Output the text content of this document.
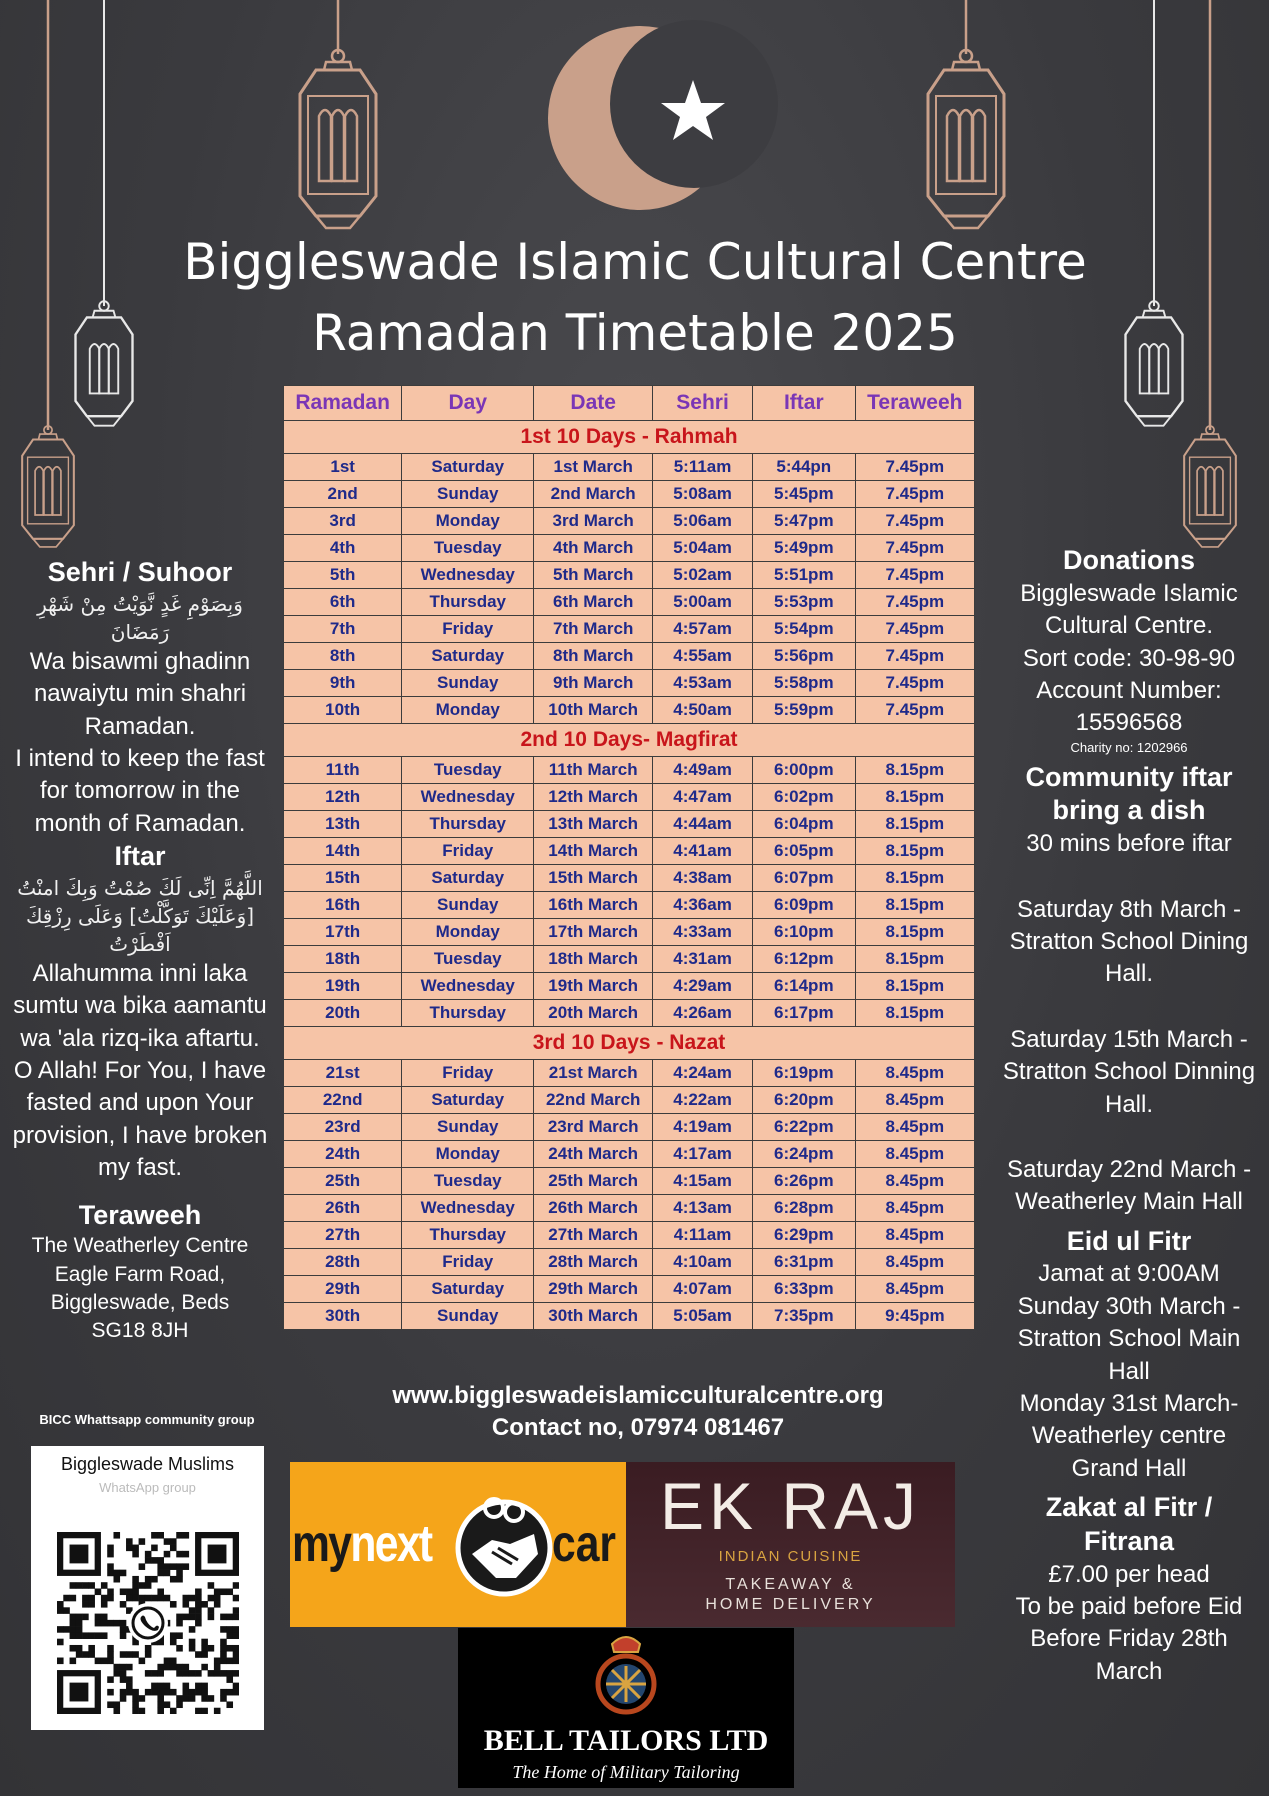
Biggleswade Islamic Cultural Centre
Ramadan Timetable 2025
Ramadan	Day	Date	Sehri	Iftar	Teraweeh
1st 10 Days - Rahmah					
1st	Saturday	1st March	5:11am	5:44pn	7.45pm
2nd	Sunday	2nd March	5:08am	5:45pm	7.45pm
3rd	Monday	3rd March	5:06am	5:47pm	7.45pm
4th	Tuesday	4th March	5:04am	5:49pm	7.45pm
5th	Wednesday	5th March	5:02am	5:51pm	7.45pm
6th	Thursday	6th March	5:00am	5:53pm	7.45pm
7th	Friday	7th March	4:57am	5:54pm	7.45pm
8th	Saturday	8th March	4:55am	5:56pm	7.45pm
9th	Sunday	9th March	4:53am	5:58pm	7.45pm
10th	Monday	10th March	4:50am	5:59pm	7.45pm
2nd 10 Days- Magfirat					
11th	Tuesday	11th March	4:49am	6:00pm	8.15pm
12th	Wednesday	12th March	4:47am	6:02pm	8.15pm
13th	Thursday	13th March	4:44am	6:04pm	8.15pm
14th	Friday	14th March	4:41am	6:05pm	8.15pm
15th	Saturday	15th March	4:38am	6:07pm	8.15pm
16th	Sunday	16th March	4:36am	6:09pm	8.15pm
17th	Monday	17th March	4:33am	6:10pm	8.15pm
18th	Tuesday	18th March	4:31am	6:12pm	8.15pm
19th	Wednesday	19th March	4:29am	6:14pm	8.15pm
20th	Thursday	20th March	4:26am	6:17pm	8.15pm
3rd 10 Days - Nazat					
21st	Friday	21st March	4:24am	6:19pm	8.45pm
22nd	Saturday	22nd March	4:22am	6:20pm	8.45pm
23rd	Sunday	23rd March	4:19am	6:22pm	8.45pm
24th	Monday	24th March	4:17am	6:24pm	8.45pm
25th	Tuesday	25th March	4:15am	6:26pm	8.45pm
26th	Wednesday	26th March	4:13am	6:28pm	8.45pm
27th	Thursday	27th March	4:11am	6:29pm	8.45pm
28th	Friday	28th March	4:10am	6:31pm	8.45pm
29th	Saturday	29th March	4:07am	6:33pm	8.45pm
30th	Sunday	30th March	5:05am	7:35pm	9:45pm
Sehri / Suhoor
وَبِصَوْمِ غَدٍ نَّوَيْتُ مِنْ شَهْرِ رَمَضَانَ
Wa bisawmi ghadinn nawaiytu min shahri Ramadan.
I intend to keep the fast for tomorrow in the month of Ramadan.
Iftar
اللَّهُمَّ اِنِّى لَكَ صُمْتُ وَبِكَ امنْتُ [وَعَلَيْكَ تَوَكَّلْتُ] وَعَلَى رِزْقِكَ اَفْطَرْتُ
Allahumma inni laka sumtu wa bika aamantu wa 'ala rizq-ika aftartu.
O Allah! For You, I have fasted and upon Your provision, I have broken my fast.
Teraweeh
The Weatherley Centre
Eagle Farm Road,
Biggleswade, Beds
SG18 8JH
BICC Whattsapp community group
Biggleswade Muslims
WhatsApp group
Donations
Biggleswade Islamic Cultural Centre.
Sort code: 30-98-90
Account Number: 15596568
Charity no: 1202966
Community iftar bring a dish
30 mins before iftar
Saturday 8th March - Stratton School Dining Hall.
Saturday 15th March - Stratton School Dinning Hall.
Saturday 22nd March - Weatherley Main Hall
Eid ul Fitr
Jamat at 9:00AM
Sunday 30th March - Stratton School Main Hall
Monday 31st March- Weatherley centre Grand Hall
Zakat al Fitr / Fitrana
£7.00 per head
To be paid before Eid
Before Friday 28th March
www.biggleswadeislamicculturalcentre.org
Contact no, 07974 081467
mynext car
EK RAJ
INDIAN CUISINE
TAKEAWAY &
HOME DELIVERY
BELL TAILORS LTD
The Home of Military Tailoring
